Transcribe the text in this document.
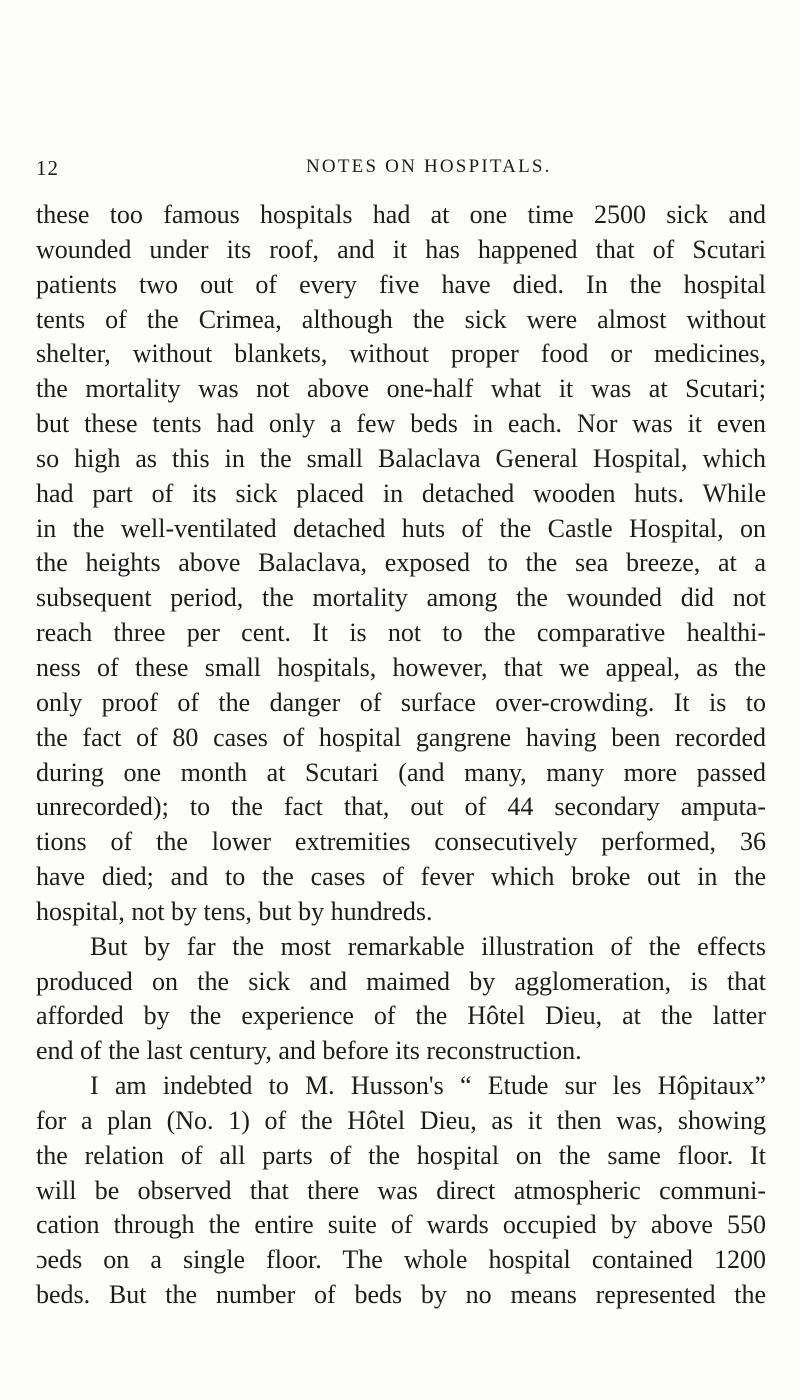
12	NOTES ON HOSPITALS.
these too famous hospitals had at one time 2500 sick and
wounded under its roof, and it has happened that of Scutari
patients two out of every five have died. In the hospital
tents of the Crimea, although the sick were almost without
shelter, without blankets, without proper food or medicines,
the mortality was not above one-half what it was at Scutari;
but these tents had only a few beds in each. Nor was it even
so high as this in the small Balaclava General Hospital, which
had part of its sick placed in detached wooden huts. While
in the well-ventilated detached huts of the Castle Hospital, on
the heights above Balaclava, exposed to the sea breeze, at a
subsequent period, the mortality among the wounded did not
reach three per cent. It is not to the comparative healthi-
ness of these small hospitals, however, that we appeal, as the
only proof of the danger of surface over-crowding. It is to
the fact of 80 cases of hospital gangrene having been recorded
during one month at Scutari (and many, many more passed
unrecorded); to the fact that, out of 44 secondary amputa-
tions of the lower extremities consecutively performed, 36
have died; and to the cases of fever which broke out in the
hospital, not by tens, but by hundreds.
But by far the most remarkable illustration of the effects
produced on the sick and maimed by agglomeration, is that
afforded by the experience of the Hôtel Dieu, at the latter
end of the last century, and before its reconstruction.
I am indebted to M. Husson's “ Etude sur les Hôpitaux”
for a plan (No. 1) of the Hôtel Dieu, as it then was, showing
the relation of all parts of the hospital on the same floor. It
will be observed that there was direct atmospheric communi-
cation through the entire suite of wards occupied by above 550
ɔeds on a single floor. The whole hospital contained 1200
beds. But the number of beds by no means represented the
